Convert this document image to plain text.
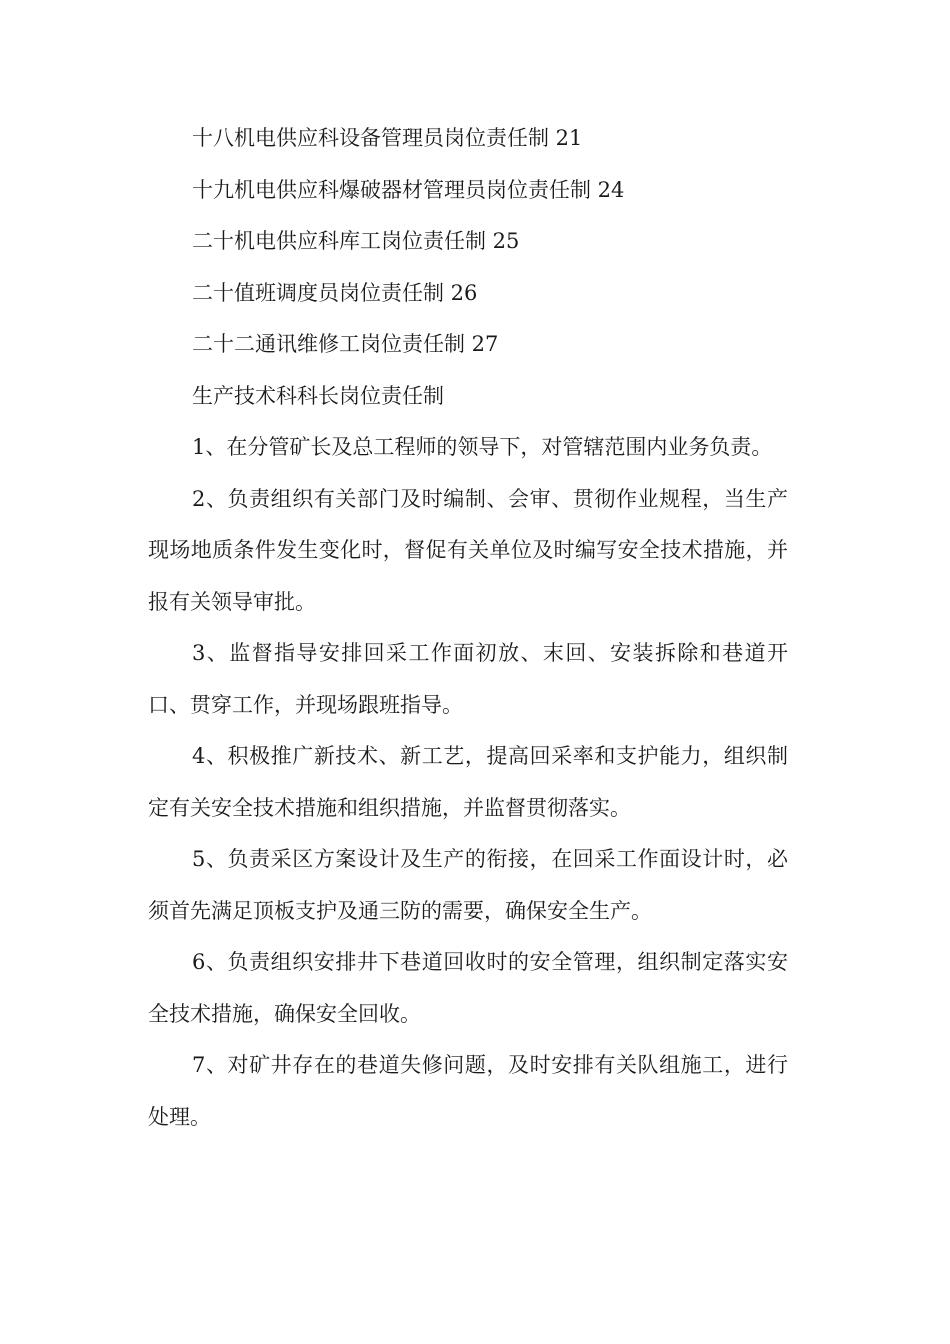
十八机电供应科设备管理员岗位责任制 21
十九机电供应科爆破器材管理员岗位责任制 24
二十机电供应科库工岗位责任制 25
二十值班调度员岗位责任制 26
二十二通讯维修工岗位责任制 27
生产技术科科长岗位责任制

1、在分管矿长及总工程师的领导下，对管辖范围内业务负责。

2、负责组织有关部门及时编制、会审、贯彻作业规程，当生产现场地质条件发生变化时，督促有关单位及时编写安全技术措施，并报有关领导审批。

3、监督指导安排回采工作面初放、末回、安装拆除和巷道开口、贯穿工作，并现场跟班指导。

4、积极推广新技术、新工艺，提高回采率和支护能力，组织制定有关安全技术措施和组织措施，并监督贯彻落实。

5、负责采区方案设计及生产的衔接，在回采工作面设计时，必须首先满足顶板支护及通三防的需要，确保安全生产。

6、负责组织安排井下巷道回收时的安全管理，组织制定落实安全技术措施，确保安全回收。

7、对矿井存在的巷道失修问题，及时安排有关队组施工，进行处理。
